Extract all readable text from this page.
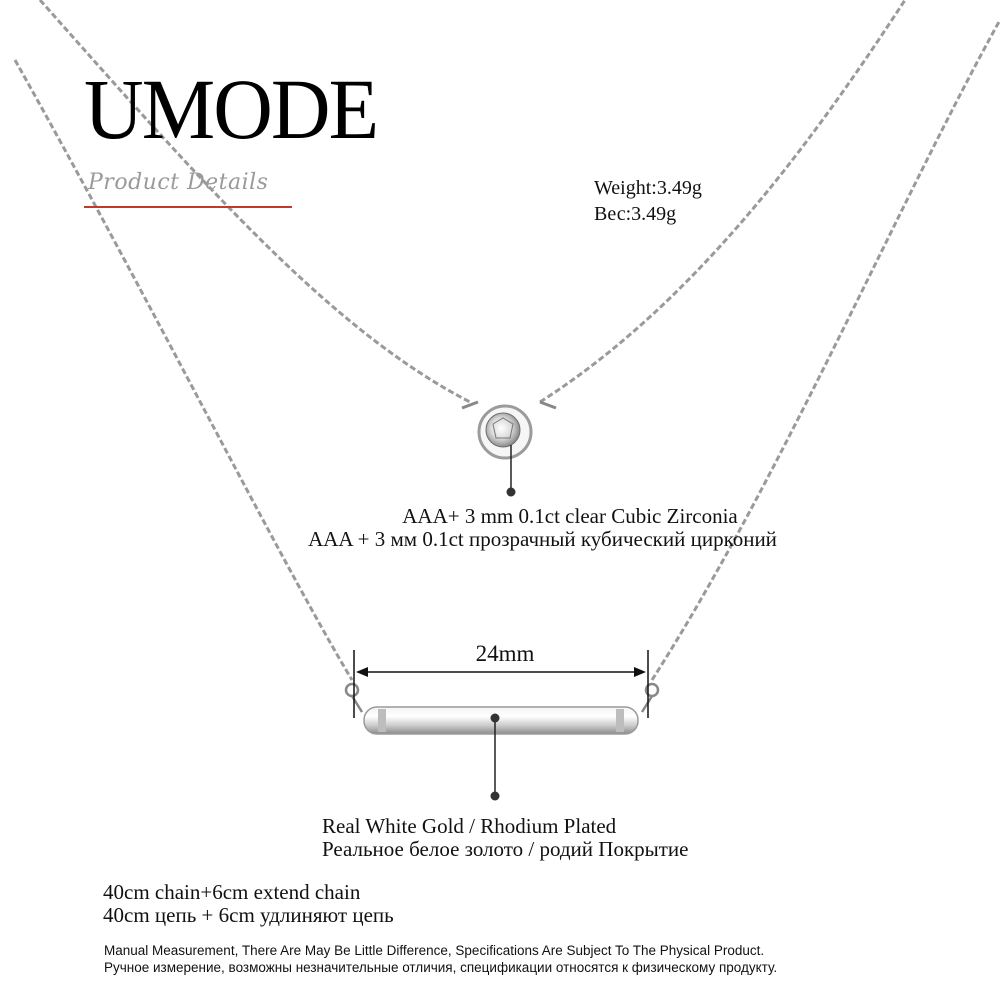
UMODE
Product Details	Weight:3.49g
Вес:3.49g
AAA+ 3 mm 0.1ct clear Cubic Zirconia
AAA + 3 мм 0.1ct прозрачный кубический цирконий
24mm
Real White Gold / Rhodium Plated
Реальное белое золото / родий Покрытие
40cm chain+6cm extend chain
40cm цепь + 6cm удлиняют цепь
Manual Measurement, There Are May Be Little Difference, Specifications Are Subject To The Physical Product.
Ручное измерение, возможны незначительные отличия, спецификации относятся к физическому продукту.
